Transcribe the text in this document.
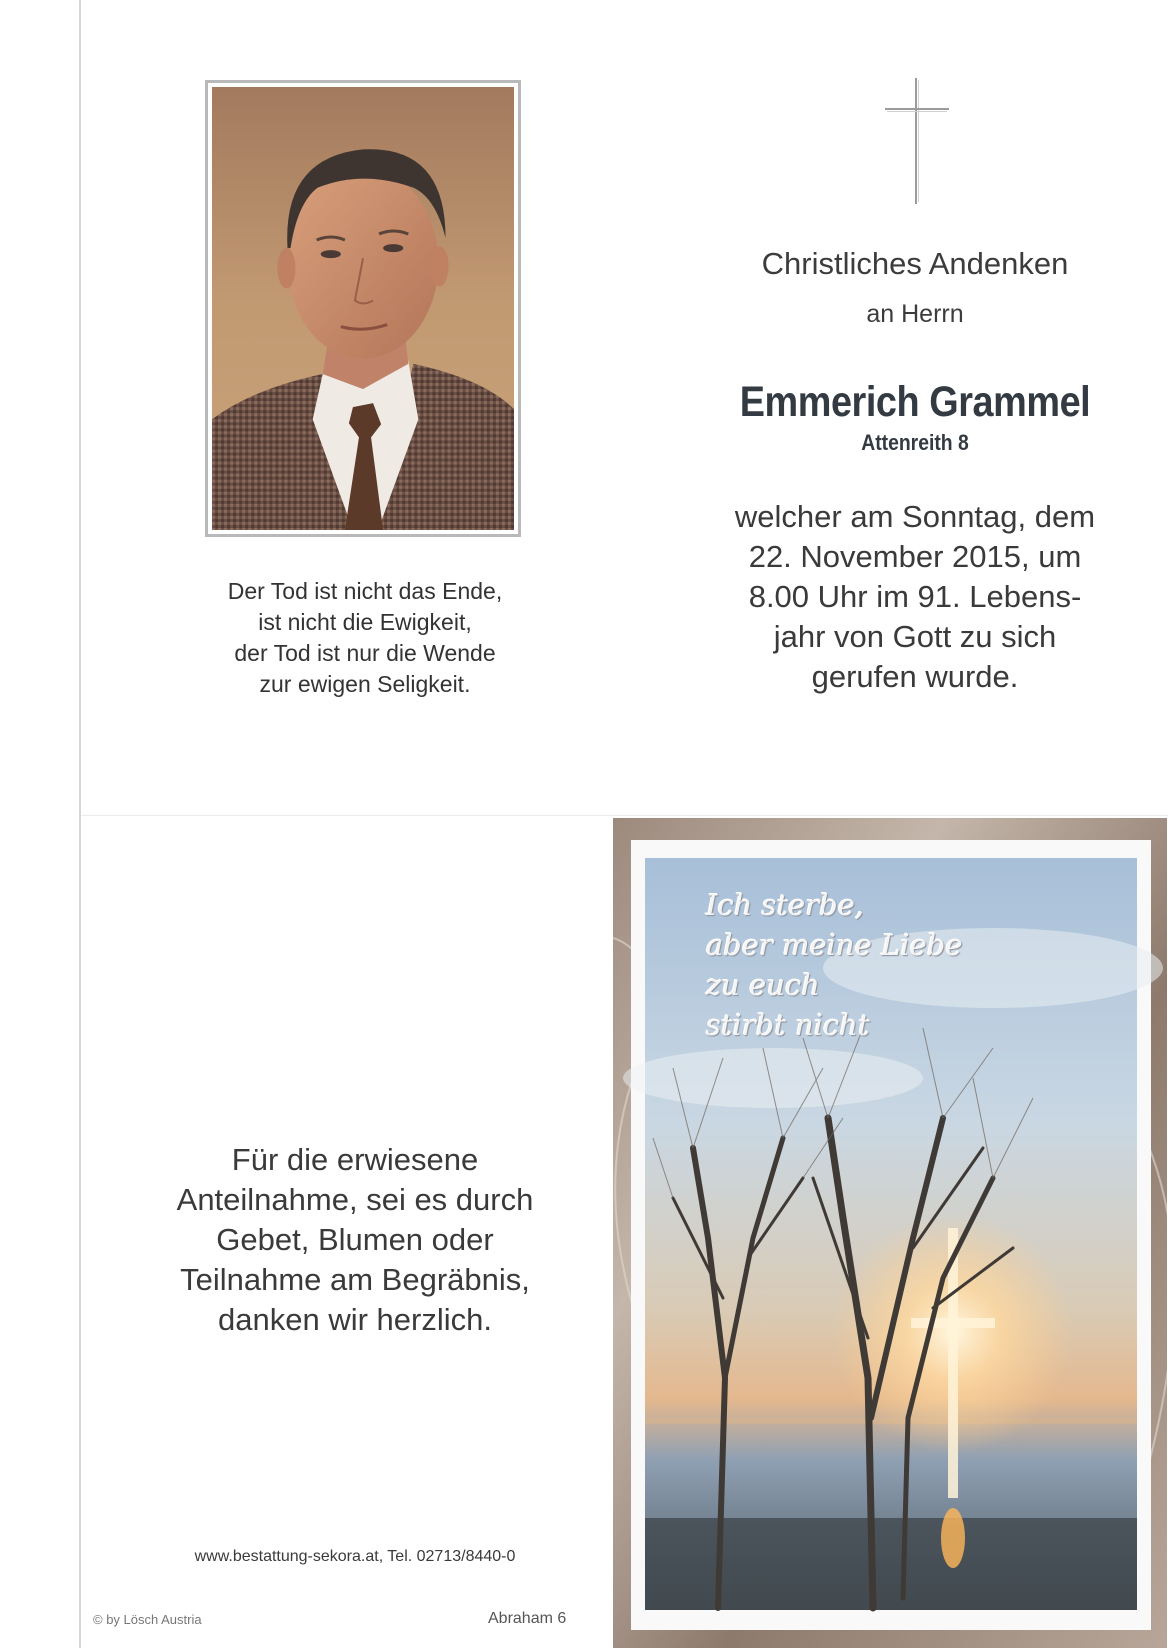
Der Tod ist nicht das Ende,
ist nicht die Ewigkeit,
der Tod ist nur die Wende
zur ewigen Seligkeit.
Christliches Andenken
an Herrn
Emmerich Grammel
Attenreith 8
welcher am Sonntag, dem
22. November 2015, um
8.00 Uhr im 91. Lebens-
jahr von Gott zu sich
gerufen wurde.
Für die erwiesene
Anteilnahme, sei es durch
Gebet, Blumen oder
Teilnahme am Begräbnis,
danken wir herzlich.
www.bestattung-sekora.at, Tel. 02713/8440-0
© by Lösch Austria	Abraham 6
Ich sterbe,
aber meine Liebe
zu euch
stirbt nicht
